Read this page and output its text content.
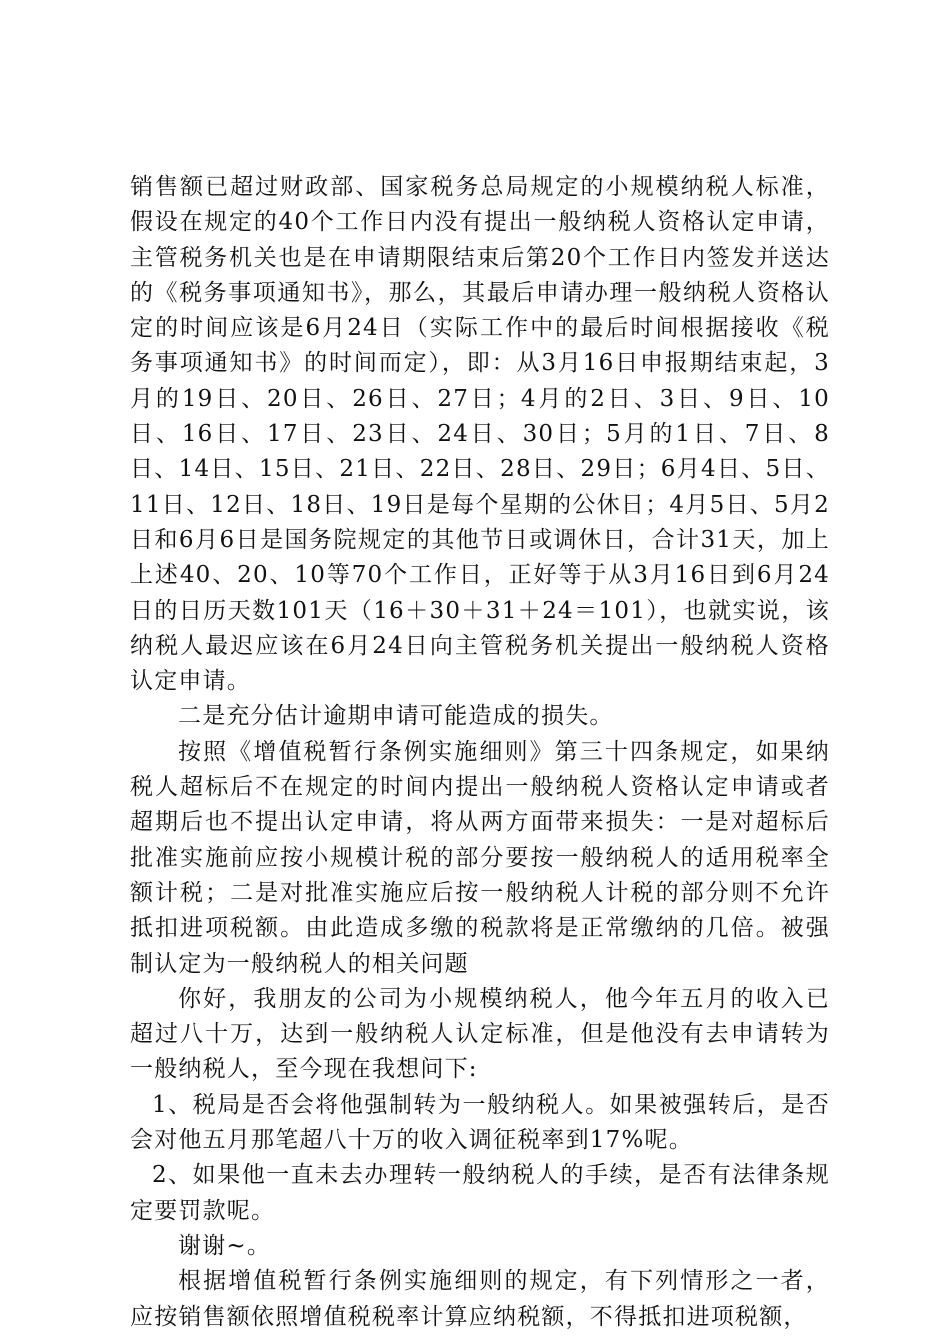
销售额已超过财政部、国家税务总局规定的小规模纳税人标准，假设在规定的40个工作日内没有提出一般纳税人资格认定申请，主管税务机关也是在申请期限结束后第20个工作日内签发并送达的《税务事项通知书》，那么，其最后申请办理一般纳税人资格认定的时间应该是6月24日（实际工作中的最后时间根据接收《税务事项通知书》的时间而定），即：从3月16日申报期结束起，3月的19日、20日、26日、27日；4月的2日、3日、9日、10日、16日、17日、23日、24日、30日；5月的1日、7日、8日、14日、15日、21日、22日、28日、29日；6月4日、5日、11日、12日、18日、19日是每个星期的公休日；4月5日、5月2日和6月6日是国务院规定的其他节日或调休日，合计31天，加上上述40、20、10等70个工作日，正好等于从3月16日到6月24日的日历天数101天（16＋30＋31＋24＝101），也就实说，该纳税人最迟应该在6月24日向主管税务机关提出一般纳税人资格认定申请。

二是充分估计逾期申请可能造成的损失。

按照《增值税暂行条例实施细则》第三十四条规定，如果纳税人超标后不在规定的时间内提出一般纳税人资格认定申请或者超期后也不提出认定申请，将从两方面带来损失：一是对超标后批准实施前应按小规模计税的部分要按一般纳税人的适用税率全额计税；二是对批准实施应后按一般纳税人计税的部分则不允许抵扣进项税额。由此造成多缴的税款将是正常缴纳的几倍。被强制认定为一般纳税人的相关问题

你好，我朋友的公司为小规模纳税人，他今年五月的收入已超过八十万，达到一般纳税人认定标准，但是他没有去申请转为一般纳税人，至今现在我想问下:

1、税局是否会将他强制转为一般纳税人。如果被强转后，是否会对他五月那笔超八十万的收入调征税率到17%呢。

2、如果他一直未去办理转一般纳税人的手续，是否有法律条规定要罚款呢。

谢谢~。

根据增值税暂行条例实施细则的规定，有下列情形之一者，应按销售额依照增值税税率计算应纳税额，不得抵扣进项税额，
